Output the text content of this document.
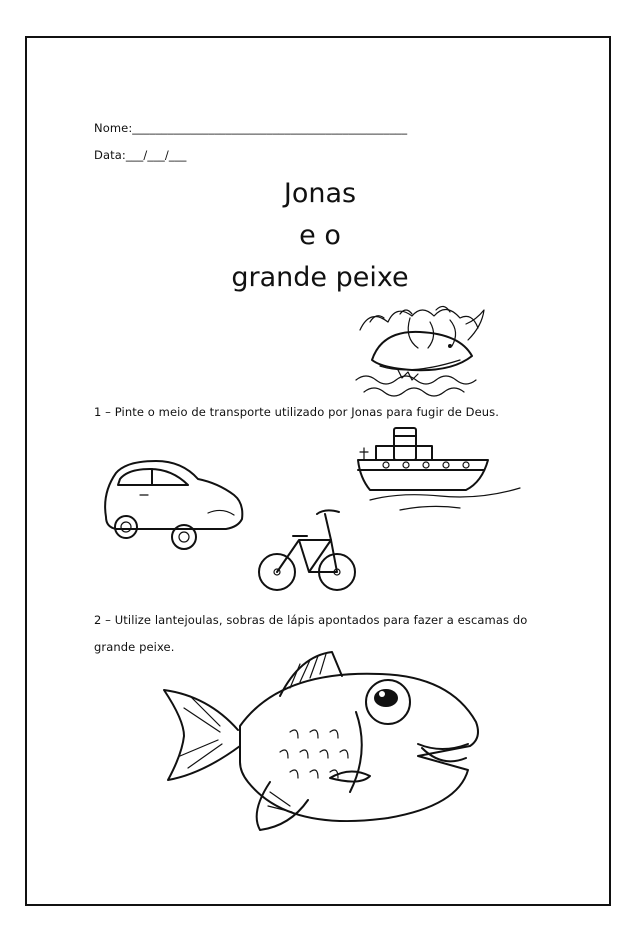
Nome:_______________________________________________
Data:___/___/___
Jonas
e o
grande peixe
1 – Pinte o meio de transporte utilizado por Jonas para fugir de Deus.
2 – Utilize lantejoulas, sobras de lápis apontados para fazer a escamas do
grande peixe.
